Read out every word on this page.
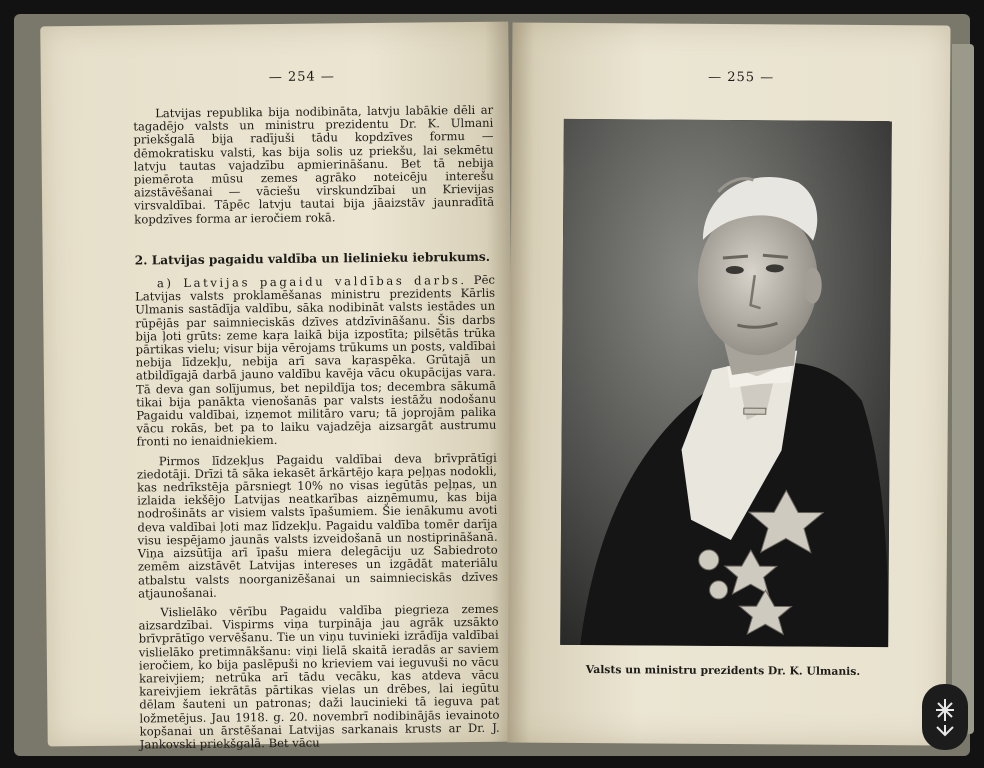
— 254 —

Latvijas republika bija nodibināta, latvju labākie dēli ar tagadējo valsts un ministru prezidentu Dr. K. Ulmani priekšgalā bija radījuši tādu kopdzīves formu — dēmokratisku valsti, kas bija solis uz priekšu, lai sekmētu latvju tautas vajadzību apmierināšanu. Bet tā nebija piemērota mūsu zemes agrāko noteicēju interešu aizstāvēšanai — vāciešu virskundzībai un Krievijas virsvaldībai. Tāpēc latvju tautai bija jāaizstāv jaunradītā kopdzīves forma ar ieročiem rokā.

2. Latvijas pagaidu valdība un lielinieku iebrukums.

a) Latvijas pagaidu valdības darbs. Pēc Latvijas valsts proklamēšanas ministru prezidents Kārlis Ulmanis sastādīja valdību, sāka nodibināt valsts iestādes un rūpējās par saimnieciskās dzīves atdzīvināšanu. Šis darbs bija ļoti grūts: zeme kaŗa laikā bija izpostīta; pilsētās trūka pārtikas vielu; visur bija vērojams trūkums un posts, valdībai nebija līdzekļu, nebija arī sava kaŗaspēka. Grūtajā un atbildīgajā darbā jauno valdību kavēja vācu okupācijas vara. Tā deva gan solījumus, bet nepildīja tos; decembra sākumā tikai bija panākta vienošanās par valsts iestāžu nodošanu Pagaidu valdībai, izņemot militāro varu; tā joprojām palika vācu rokās, bet pa to laiku vajadzēja aizsargāt austrumu fronti no ienaidniekiem.

Pirmos līdzekļus Pagaidu valdībai deva brīvprātīgi ziedotāji. Drīzi tā sāka iekasēt ārkārtējo kaŗa peļņas nodokli, kas nedrīkstēja pārsniegt 10% no visas iegūtās peļņas, un izlaida iekšējo Latvijas neatkarības aizņēmumu, kas bija nodrošināts ar visiem valsts īpašumiem. Šie ienākumu avoti deva valdībai ļoti maz līdzekļu. Pagaidu valdība tomēr darīja visu iespējamo jaunās valsts izveidošanā un nostiprināšanā. Viņa aizsūtīja arī īpašu miera delegāciju uz Sabiedroto zemēm aizstāvēt Latvijas intereses un izgādāt materiālu atbalstu valsts noorganizēšanai un saimnieciskās dzīves atjaunošanai.

Vislielāko vērību Pagaidu valdība piegrieza zemes aizsardzībai. Vispirms viņa turpināja jau agrāk uzsākto brīvprātīgo vervēšanu. Tie un viņu tuvinieki izrādīja valdībai vislielāko pretimnākšanu: viņi lielā skaitā ieradās ar saviem ieročiem, ko bija paslēpuši no krieviem vai ieguvuši no vācu kareivjiem; netrūka arī tādu vecāku, kas atdeva vācu kareivjiem iekrātās pārtikas vielas un drēbes, lai iegūtu dēlam šauteni un patronas; daži laucinieki tā ieguva pat ložmetējus. Jau 1918. g. 20. novembrī nodibinājās ievainoto kopšanai un ārstēšanai Latvijas sarkanais krusts ar Dr. J. Jankovski priekšgalā. Bet vācu

— 255 —
Valsts un ministru prezidents Dr. K. Ulmanis.
